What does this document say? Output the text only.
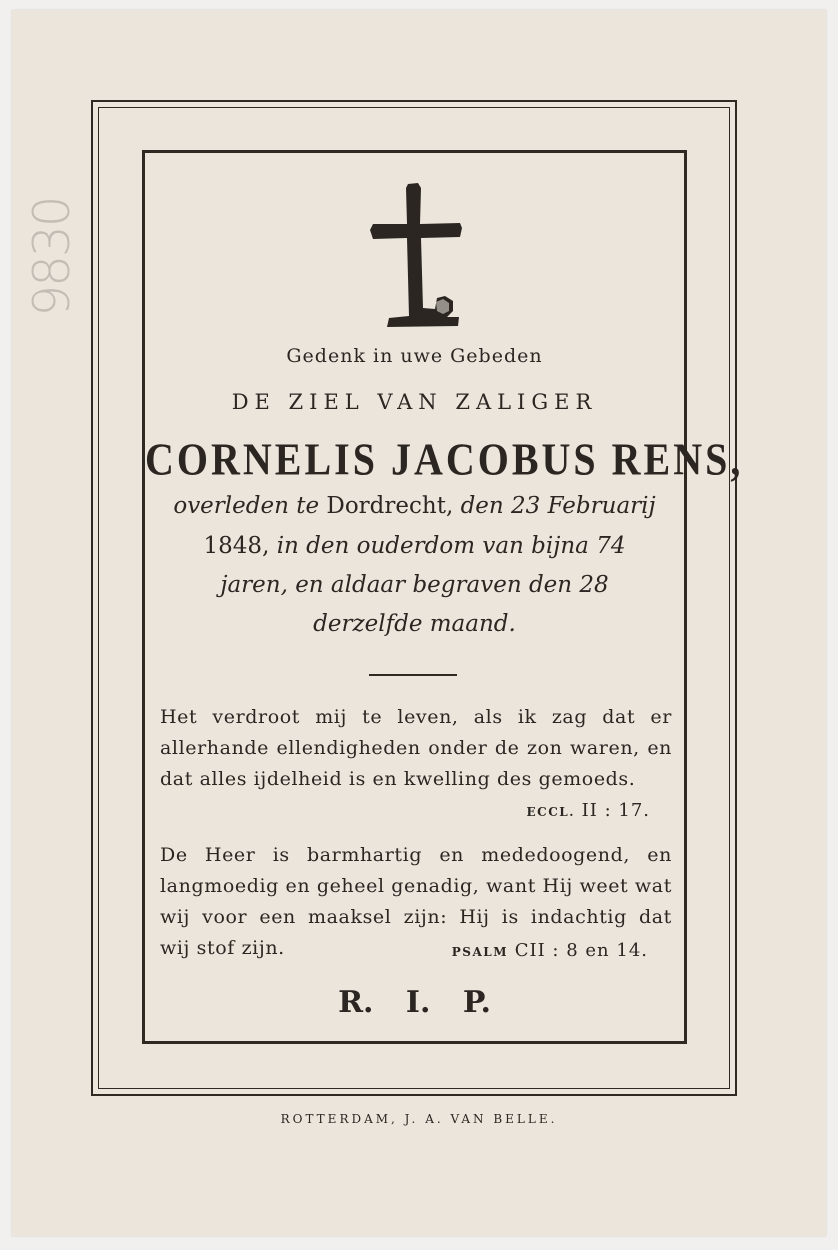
9830
Gedenk in uwe Gebeden
DE ZIEL VAN ZALIGER
CORNELIS JACOBUS RENS,
overleden te Dordrecht, den 23 Februarij
1848, in den ouderdom van bijna 74
jaren, en aldaar begraven den 28
derzelfde maand.
Het verdroot mij te leven, als ik zag dat er
allerhande ellendigheden onder de zon waren, en
dat alles ijdelheid is en kwelling des gemoeds.
ECCL. II : 17.
De Heer is barmhartig en mededoogend, en
langmoedig en geheel genadig, want Hij weet wat
wij voor een maaksel zijn: Hij is indachtig dat
wij stof zijn.	PSALM CII : 8 en 14.
R. I. P.
ROTTERDAM, J. A. VAN BELLE.
